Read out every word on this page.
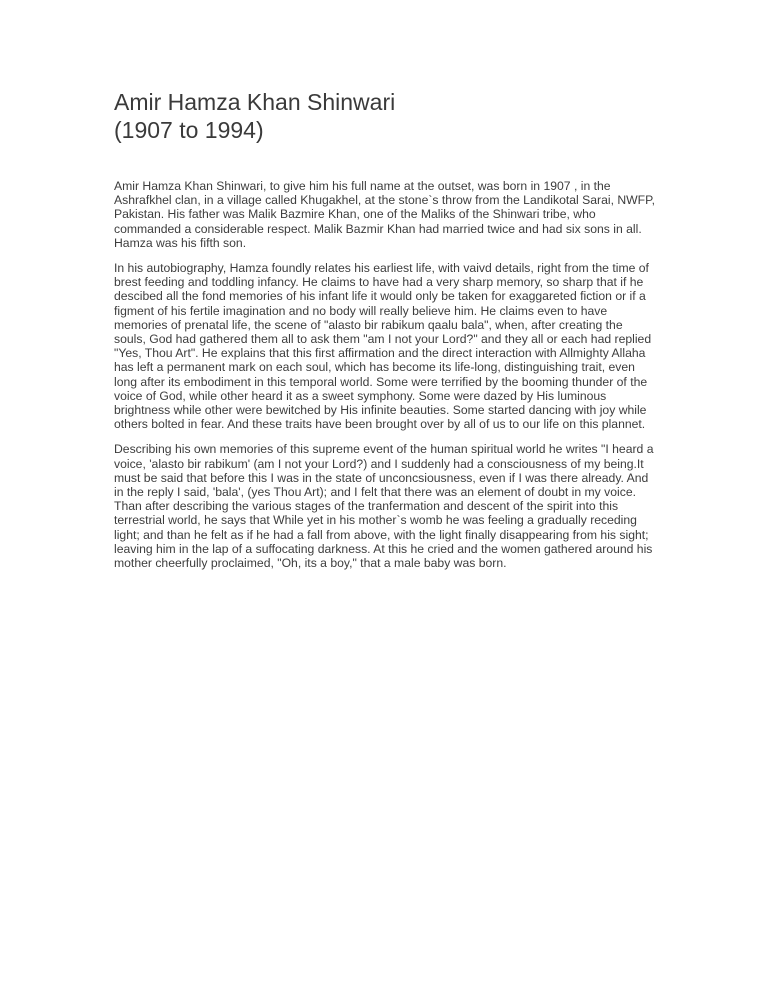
Amir Hamza Khan Shinwari
(1907 to 1994)

Amir Hamza Khan Shinwari, to give him his full name at the outset, was born in 1907 , in the Ashrafkhel clan, in a village called Khugakhel, at the stone`s throw from the Landikotal Sarai, NWFP, Pakistan. His father was Malik Bazmire Khan, one of the Maliks of the Shinwari tribe, who commanded a considerable respect. Malik Bazmir Khan had married twice and had six sons in all. Hamza was his fifth son.

In his autobiography, Hamza foundly relates his earliest life, with vaivd details, right from the time of brest feeding and toddling infancy. He claims to have had a very sharp memory, so sharp that if he descibed all the fond memories of his infant life it would only be taken for exaggareted fiction or if a figment of his fertile imagination and no body will really believe him. He claims even to have memories of prenatal life, the scene of "alasto bir rabikum qaalu bala", when, after creating the souls, God had gathered them all to ask them "am I not your Lord?" and they all or each had replied "Yes, Thou Art". He explains that this first affirmation and the direct interaction with Allmighty Allaha has left a permanent mark on each soul, which has become its life-long, distinguishing trait, even long after its embodiment in this temporal world. Some were terrified by the booming thunder of the voice of God, while other heard it as a sweet symphony. Some were dazed by His luminous brightness while other were bewitched by His infinite beauties. Some started dancing with joy while others bolted in fear. And these traits have been brought over by all of us to our life on this plannet.

Describing his own memories of this supreme event of the human spiritual world he writes "I heard a voice, 'alasto bir rabikum' (am I not your Lord?) and I suddenly had a consciousness of my being.It must be said that before this I was in the state of unconcsiousness, even if I was there already. And in the reply I said, 'bala', (yes Thou Art); and I felt that there was an element of doubt in my voice. Than after describing the various stages of the tranfermation and descent of the spirit into this terrestrial world, he says that While yet in his mother`s womb he was feeling a gradually receding light; and than he felt as if he had a fall from above, with the light finally disappearing from his sight; leaving him in the lap of a suffocating darkness. At this he cried and the women gathered around his mother cheerfully proclaimed, "Oh, its a boy," that a male baby was born.
